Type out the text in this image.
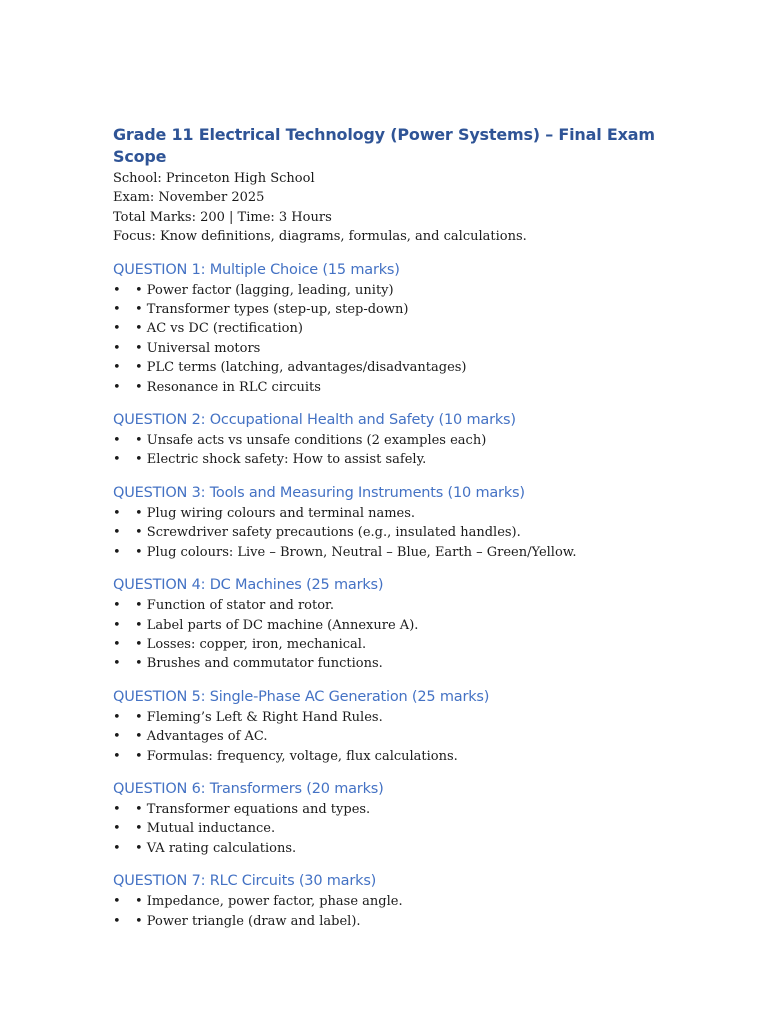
Grade 11 Electrical Technology (Power Systems) – Final Exam Scope

School: Princeton High School

Exam: November 2025

Total Marks: 200 | Time: 3 Hours

Focus: Know definitions, diagrams, formulas, and calculations.

QUESTION 1: Multiple Choice (15 marks)
• • Power factor (lagging, leading, unity)
• • Transformer types (step-up, step-down)
• • AC vs DC (rectification)
• • Universal motors
• • PLC terms (latching, advantages/disadvantages)
• • Resonance in RLC circuits
QUESTION 2: Occupational Health and Safety (10 marks)
• • Unsafe acts vs unsafe conditions (2 examples each)
• • Electric shock safety: How to assist safely.
QUESTION 3: Tools and Measuring Instruments (10 marks)
• • Plug wiring colours and terminal names.
• • Screwdriver safety precautions (e.g., insulated handles).
• • Plug colours: Live – Brown, Neutral – Blue, Earth – Green/Yellow.
QUESTION 4: DC Machines (25 marks)
• • Function of stator and rotor.
• • Label parts of DC machine (Annexure A).
• • Losses: copper, iron, mechanical.
• • Brushes and commutator functions.
QUESTION 5: Single-Phase AC Generation (25 marks)
• • Fleming’s Left & Right Hand Rules.
• • Advantages of AC.
• • Formulas: frequency, voltage, flux calculations.
QUESTION 6: Transformers (20 marks)
• • Transformer equations and types.
• • Mutual inductance.
• • VA rating calculations.
QUESTION 7: RLC Circuits (30 marks)
• • Impedance, power factor, phase angle.
• • Power triangle (draw and label).
